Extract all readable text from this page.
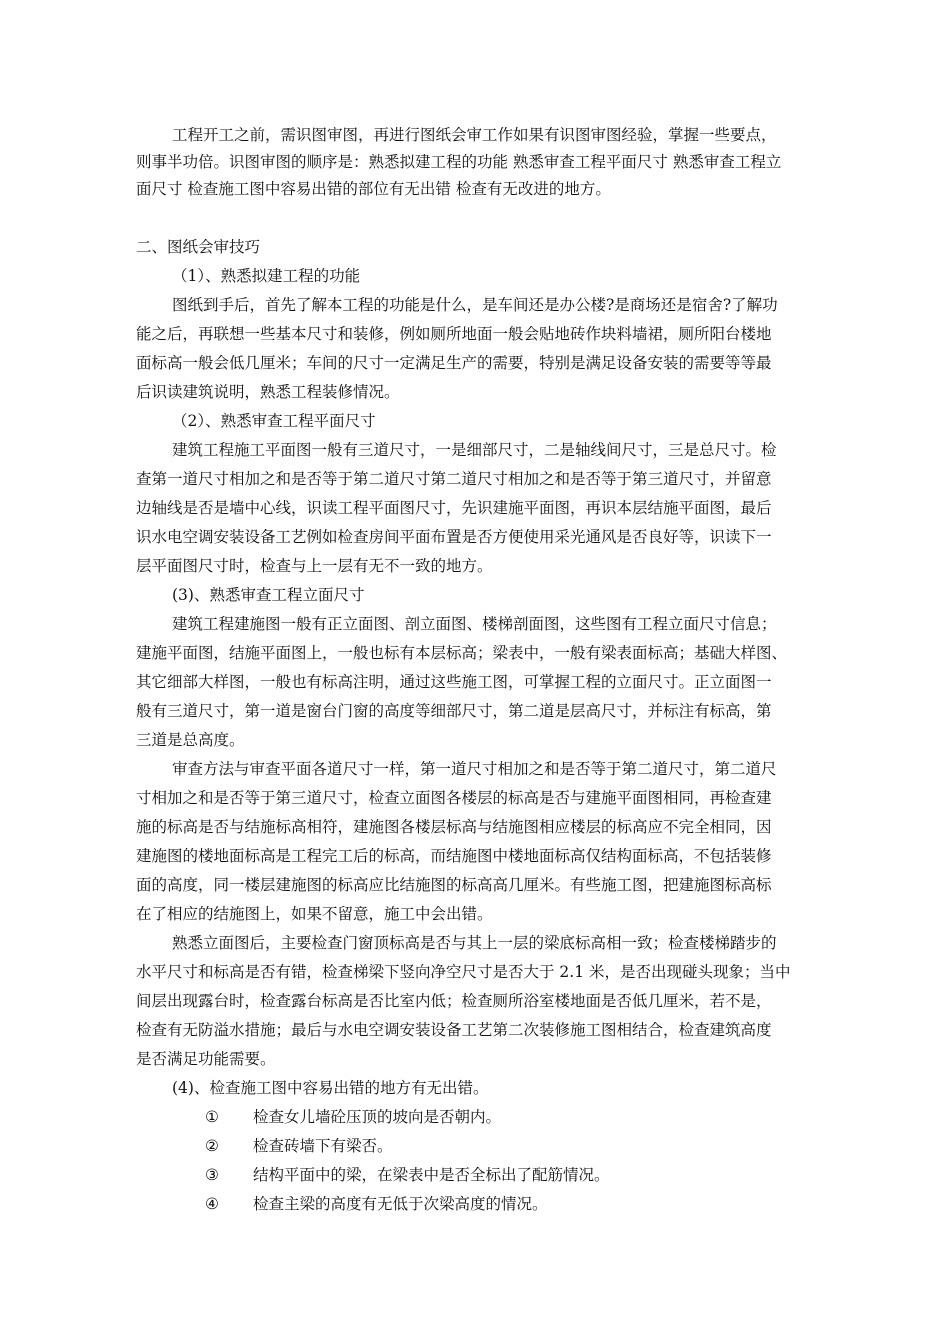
工程开工之前，需识图审图，再进行图纸会审工作如果有识图审图经验，掌握一些要点，
则事半功倍。识图审图的顺序是：熟悉拟建工程的功能 熟悉审查工程平面尺寸 熟悉审查工程立
面尺寸 检查施工图中容易出错的部位有无出错 检查有无改进的地方。
二、图纸会审技巧
（1）、熟悉拟建工程的功能
图纸到手后，首先了解本工程的功能是什么，是车间还是办公楼?是商场还是宿舍?了解功
能之后，再联想一些基本尺寸和装修，例如厕所地面一般会贴地砖作块料墙裙，厕所阳台楼地
面标高一般会低几厘米；车间的尺寸一定满足生产的需要，特别是满足设备安装的需要等等最
后识读建筑说明，熟悉工程装修情况。
（2）、熟悉审查工程平面尺寸
建筑工程施工平面图一般有三道尺寸，一是细部尺寸，二是轴线间尺寸，三是总尺寸。检
查第一道尺寸相加之和是否等于第二道尺寸第二道尺寸相加之和是否等于第三道尺寸，并留意
边轴线是否是墙中心线，识读工程平面图尺寸，先识建施平面图，再识本层结施平面图，最后
识水电空调安装设备工艺例如检查房间平面布置是否方便使用采光通风是否良好等，识读下一
层平面图尺寸时，检查与上一层有无不一致的地方。
(3)、熟悉审查工程立面尺寸
建筑工程建施图一般有正立面图、剖立面图、楼梯剖面图，这些图有工程立面尺寸信息；
建施平面图，结施平面图上，一般也标有本层标高；梁表中，一般有梁表面标高；基础大样图、
其它细部大样图，一般也有标高注明，通过这些施工图，可掌握工程的立面尺寸。正立面图一
般有三道尺寸，第一道是窗台门窗的高度等细部尺寸，第二道是层高尺寸，并标注有标高，第
三道是总高度。
审查方法与审查平面各道尺寸一样，第一道尺寸相加之和是否等于第二道尺寸，第二道尺
寸相加之和是否等于第三道尺寸，检查立面图各楼层的标高是否与建施平面图相同，再检查建
施的标高是否与结施标高相符，建施图各楼层标高与结施图相应楼层的标高应不完全相同，因
建施图的楼地面标高是工程完工后的标高，而结施图中楼地面标高仅结构面标高，不包括装修
面的高度，同一楼层建施图的标高应比结施图的标高高几厘米。有些施工图，把建施图标高标
在了相应的结施图上，如果不留意，施工中会出错。
熟悉立面图后，主要检查门窗顶标高是否与其上一层的梁底标高相一致；检查楼梯踏步的
水平尺寸和标高是否有错，检查梯梁下竖向净空尺寸是否大于 2.1 米，是否出现碰头现象；当中
间层出现露台时，检查露台标高是否比室内低；检查厕所浴室楼地面是否低几厘米，若不是，
检查有无防溢水措施；最后与水电空调安装设备工艺第二次装修施工图相结合，检查建筑高度
是否满足功能需要。
(4)、检查施工图中容易出错的地方有无出错。
① 检查女儿墙砼压顶的坡向是否朝内。
② 检查砖墙下有梁否。
③ 结构平面中的梁，在梁表中是否全标出了配筋情况。
④ 检查主梁的高度有无低于次梁高度的情况。
